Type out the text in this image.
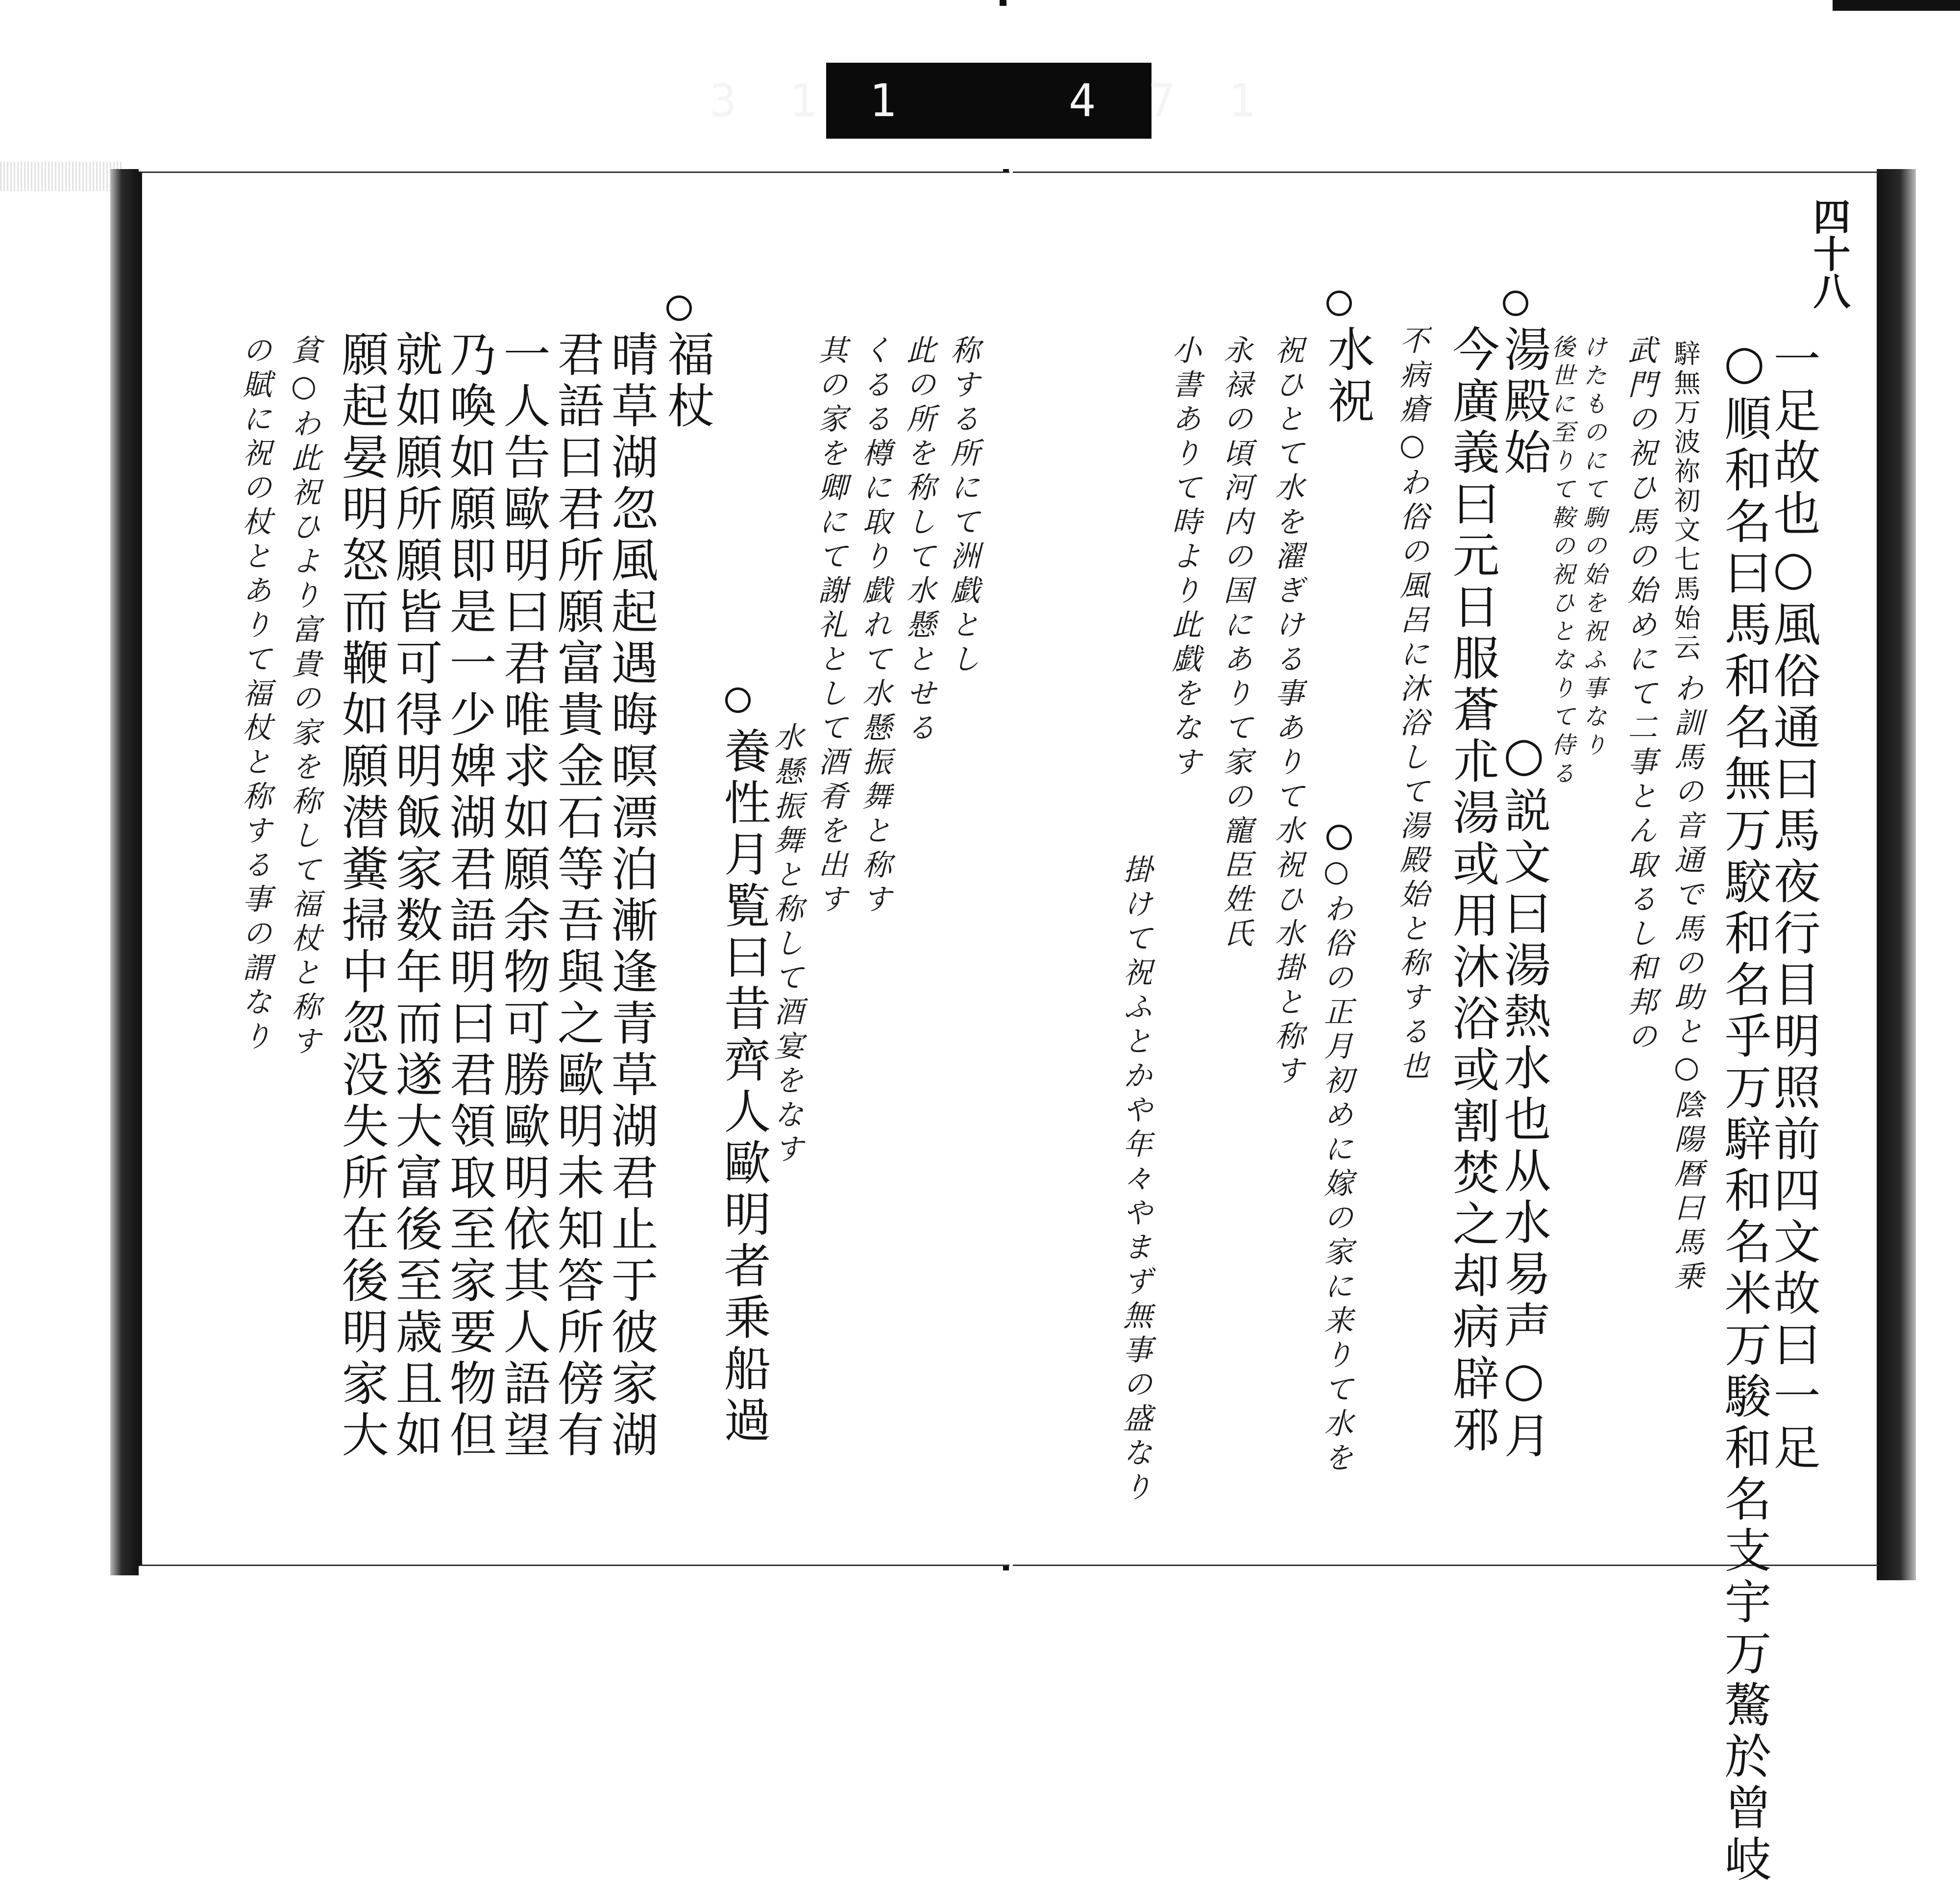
3 1 1    4 7 1
称する所にて洲戯とし
此の所を称して水懸とせる
くるる樽に取り戯れて水懸振舞と称す
其の家を卿にて謝礼として酒肴を出す
水懸振舞と称して酒宴をなす
養性月覧曰昔齊人歐明者乗船過
福杖
晴草湖忽風起遇晦暝漂泊漸逢青草湖君止于彼家湖
君語曰君所願富貴金石等吾與之歐明未知答所傍有
一人告歐明曰君唯求如願余物可勝歐明依其人語望
乃喚如願即是一少婢湖君語明曰君領取至家要物但
就如願所願皆可得明飯家数年而遂大富後至歳且如
願起晏明怒而鞭如願潜糞掃中忽没失所在後明家大
貧○わ此祝ひより富貴の家を称して福杖と称す
の賦に祝の杖とありて福杖と称する事の謂なり
四十八
一足故也○風俗通曰馬夜行目明照前四文故曰一足
○順和名曰馬和名無万駮和名乎万騂和名米万駿和名支宇万驁於曾岐
騂無万波祢
初文七馬始云
わ訓馬の音通で馬の助と○陰陽暦曰馬乗
武門の祝ひ馬の始めにて二事とん取るし和邦の
けたものにて駒の始を祝ふ事なり
後世に至りて鞍の祝ひとなりて侍る
湯殿始
今廣義曰元日服蒼朮湯或用沐浴或割焚之却病辟邪
不病瘡○わ俗の風呂に沐浴して湯殿始と称する也
○説文曰湯熱水也从水易声○月
水祝
祝ひとて水を濯ぎける事ありて水祝ひ水掛と称す
永禄の頃河内の国にありて家の寵臣姓氏
小書ありて時より此戯をなす
○わ俗の正月初めに嫁の家に来りて水を
掛けて祝ふとかや年々やまず無事の盛なり
